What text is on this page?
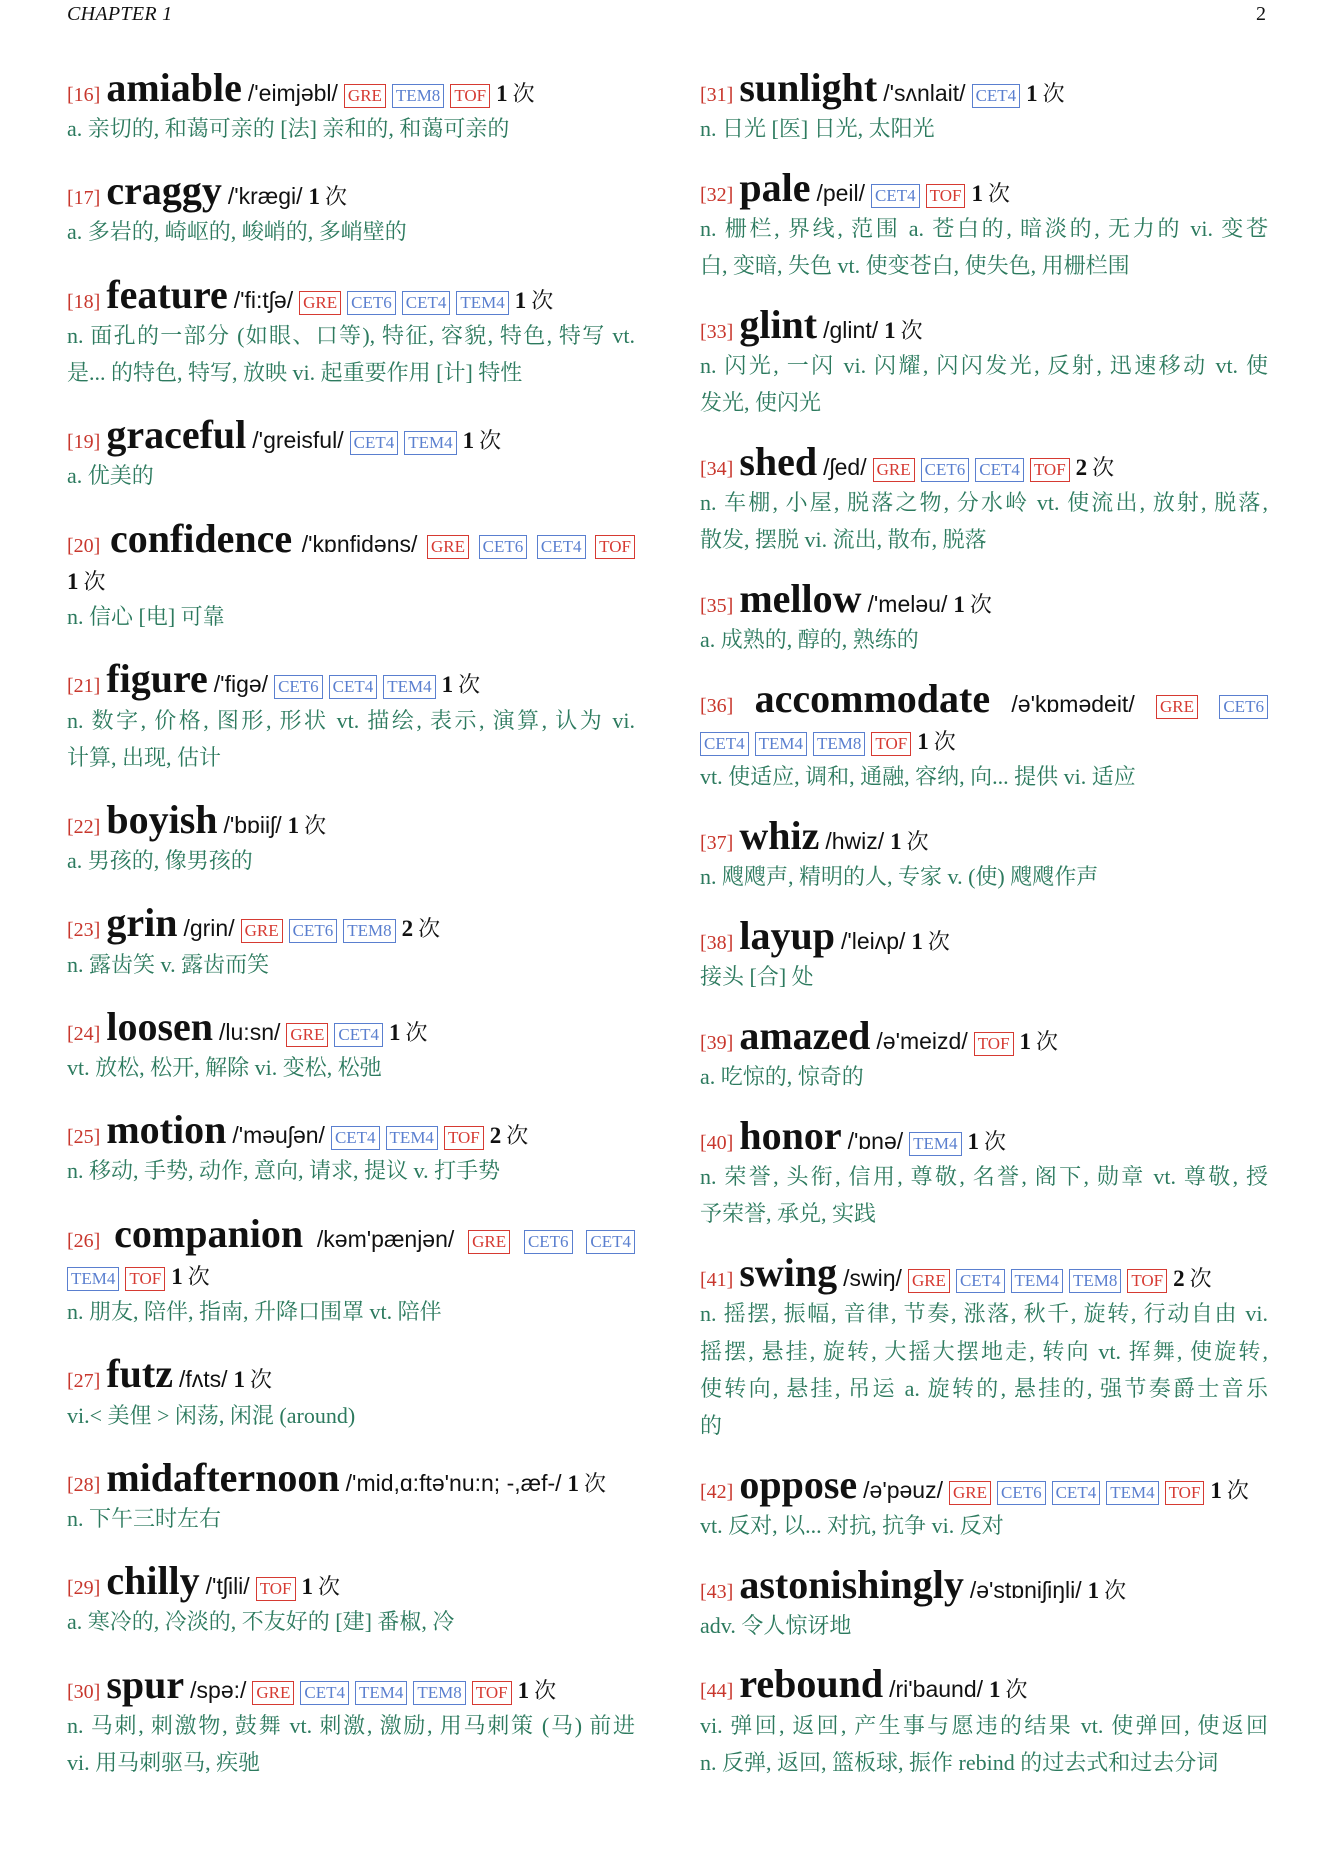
CHAPTER 1	2
[16] amiable /'eimjəbl/ GRE TEM8 TOF 1 次
a. 亲切的, 和蔼可亲的 [法] 亲和的, 和蔼可亲的
[17] craggy /'krægi/ 1 次
a. 多岩的, 崎岖的, 峻峭的, 多峭壁的
[18] feature /'fi:tʃə/ GRE CET6 CET4 TEM4 1 次
n. 面孔的一部分 (如眼、口等), 特征, 容貌, 特色, 特写 vt.
是... 的特色, 特写, 放映 vi. 起重要作用 [计] 特性
[19] graceful /'greisful/ CET4 TEM4 1 次
a. 优美的
[20] confidence /'kɒnfidəns/ GRE CET6 CET4 TOF
​ 1 次
n. 信心 [电] 可靠
[21] figure /'figə/ CET6 CET4 TEM4 1 次
n. 数字, 价格, 图形, 形状 vt. 描绘, 表示, 演算, 认为 vi.
计算, 出现, 估计
[22] boyish /'bɒiiʃ/ 1 次
a. 男孩的, 像男孩的
[23] grin /grin/ GRE CET6 TEM8 2 次
n. 露齿笑 v. 露齿而笑
[24] loosen /lu:sn/ GRE CET4 1 次
vt. 放松, 松开, 解除 vi. 变松, 松弛
[25] motion /'məuʃən/ CET4 TEM4 TOF 2 次
n. 移动, 手势, 动作, 意向, 请求, 提议 v. 打手势
[26] companion /kəm'pænjən/ GRE CET6 CET4
​ TEM4 TOF 1 次
n. 朋友, 陪伴, 指南, 升降口围罩 vt. 陪伴
[27] futz /fʌts/ 1 次
vi.< 美俚 > 闲荡, 闲混 (around)
[28] midafternoon /'mid,ɑ:ftə'nu:n; -,æf-/ 1 次
n. 下午三时左右
[29] chilly /'tʃili/ TOF 1 次
a. 寒冷的, 冷淡的, 不友好的 [建] 番椒, 冷
[30] spur /spə:/ GRE CET4 TEM4 TEM8 TOF 1 次
n. 马刺, 刺激物, 鼓舞 vt. 刺激, 激励, 用马刺策 (马) 前进
vi. 用马刺驱马, 疾驰
[31] sunlight /'sʌnlait/ CET4 1 次
n. 日光 [医] 日光, 太阳光
[32] pale /peil/ CET4 TOF 1 次
n. 栅栏, 界线, 范围 a. 苍白的, 暗淡的, 无力的 vi. 变苍
白, 变暗, 失色 vt. 使变苍白, 使失色, 用栅栏围
[33] glint /glint/ 1 次
n. 闪光, 一闪 vi. 闪耀, 闪闪发光, 反射, 迅速移动 vt. 使
发光, 使闪光
[34] shed /ʃed/ GRE CET6 CET4 TOF 2 次
n. 车棚, 小屋, 脱落之物, 分水岭 vt. 使流出, 放射, 脱落,
散发, 摆脱 vi. 流出, 散布, 脱落
[35] mellow /'meləu/ 1 次
a. 成熟的, 醇的, 熟练的
[36] accommodate /ə'kɒmədeit/ GRE CET6
​ CET4 TEM4 TEM8 TOF 1 次
vt. 使适应, 调和, 通融, 容纳, 向... 提供 vi. 适应
[37] whiz /hwiz/ 1 次
n. 飕飕声, 精明的人, 专家 v. (使) 飕飕作声
[38] layup /'leiʌp/ 1 次
接头 [合] 处
[39] amazed /ə'meizd/ TOF 1 次
a. 吃惊的, 惊奇的
[40] honor /'ɒnə/ TEM4 1 次
n. 荣誉, 头衔, 信用, 尊敬, 名誉, 阁下, 勋章 vt. 尊敬, 授
予荣誉, 承兑, 实践
[41] swing /swiŋ/ GRE CET4 TEM4 TEM8 TOF 2 次
n. 摇摆, 振幅, 音律, 节奏, 涨落, 秋千, 旋转, 行动自由 vi.
摇摆, 悬挂, 旋转, 大摇大摆地走, 转向 vt. 挥舞, 使旋转,
使转向, 悬挂, 吊运 a. 旋转的, 悬挂的, 强节奏爵士音乐
的
[42] oppose /ə'pəuz/ GRE CET6 CET4 TEM4 TOF 1 次
vt. 反对, 以... 对抗, 抗争 vi. 反对
[43] astonishingly /ə'stɒniʃiŋli/ 1 次
adv. 令人惊讶地
[44] rebound /ri'baund/ 1 次
vi. 弹回, 返回, 产生事与愿违的结果 vt. 使弹回, 使返回
n. 反弹, 返回, 篮板球, 振作 rebind 的过去式和过去分词
